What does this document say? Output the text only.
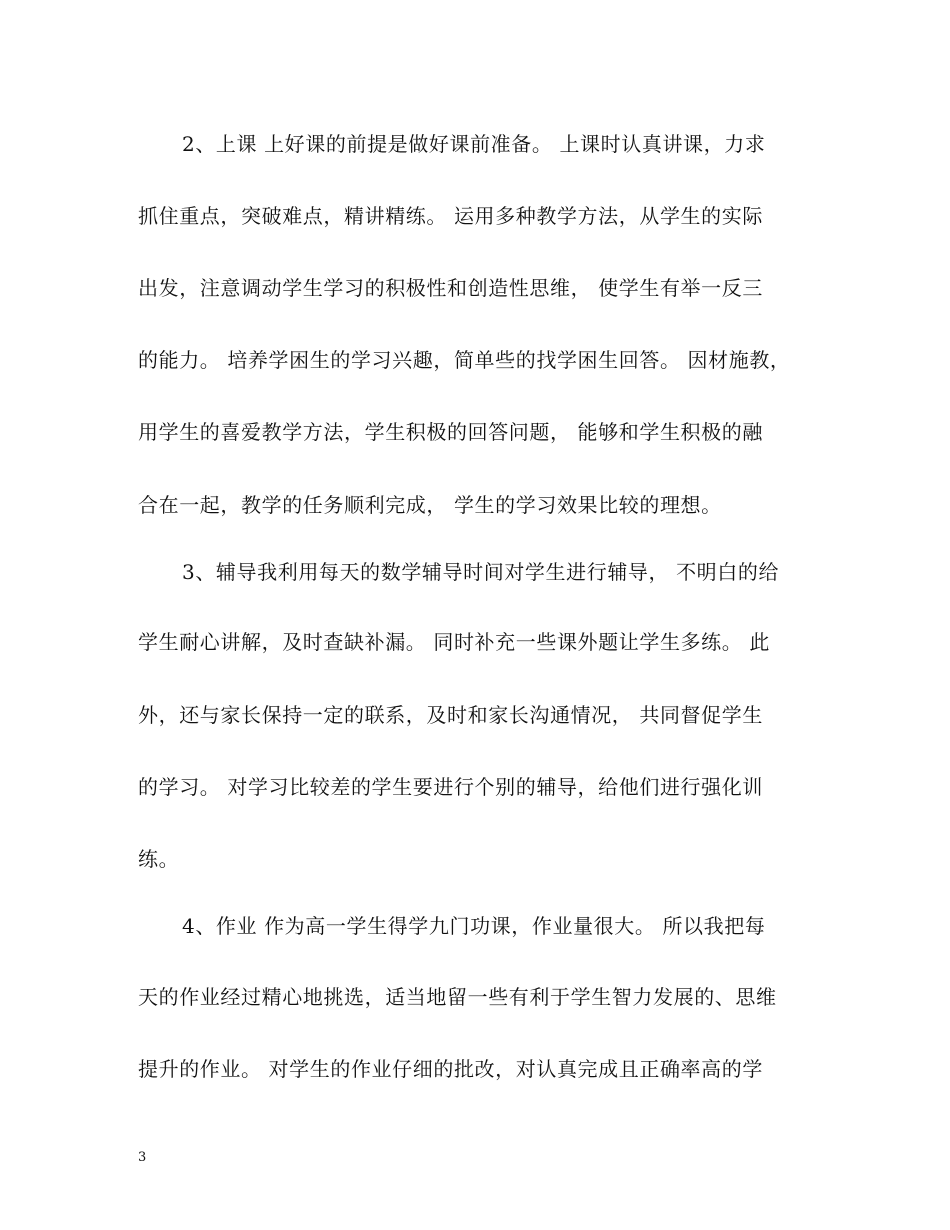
2、上课 上好课的前提是做好课前准备。 上课时认真讲课，力求
抓住重点，突破难点，精讲精练。 运用多种教学方法，从学生的实际
出发，注意调动学生学习的积极性和创造性思维， 使学生有举一反三
的能力。 培养学困生的学习兴趣，简单些的找学困生回答。 因材施教，
用学生的喜爱教学方法，学生积极的回答问题， 能够和学生积极的融
合在一起，教学的任务顺利完成， 学生的学习效果比较的理想。
3、辅导我利用每天的数学辅导时间对学生进行辅导， 不明白的给
学生耐心讲解，及时查缺补漏。 同时补充一些课外题让学生多练。 此
外，还与家长保持一定的联系，及时和家长沟通情况， 共同督促学生
的学习。 对学习比较差的学生要进行个别的辅导，给他们进行强化训
练。
4、作业 作为高一学生得学九门功课，作业量很大。 所以我把每
天的作业经过精心地挑选，适当地留一些有利于学生智力发展的、思维
提升的作业。 对学生的作业仔细的批改，对认真完成且正确率高的学
3
